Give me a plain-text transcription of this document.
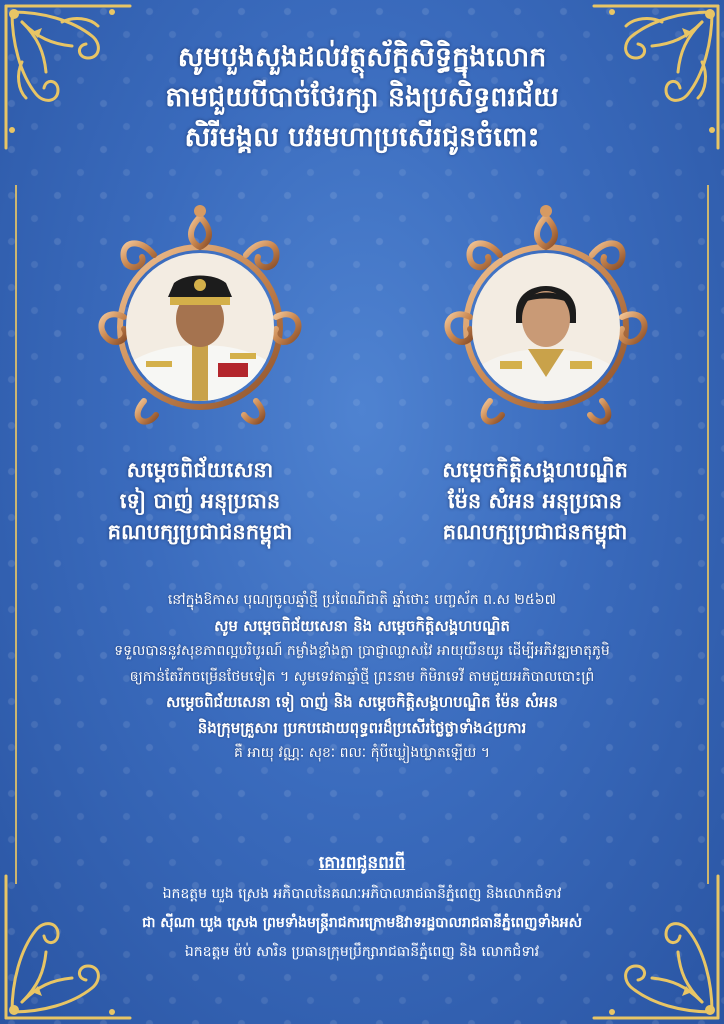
សូមបួងសួងដល់វត្ថុស័ក្តិសិទ្ធិក្នុងលោក
តាមជួយបីបាច់ថែរក្សា និងប្រសិទ្ធពរជ័យ
សិរីមង្គល បវរមហាប្រសើរជូនចំពោះ
សម្តេចពិជ័យសេនា
ទៀ បាញ់ អនុប្រធាន
គណបក្សប្រជាជនកម្ពុជា
សម្តេចកិត្តិសង្គហបណ្ឌិត
ម៉ែន សំអន អនុប្រធាន
គណបក្សប្រជាជនកម្ពុជា
នៅក្នុងឱកាស បុណ្យចូលឆ្នាំថ្មី ប្រពៃណីជាតិ ឆ្នាំថោះ បញ្ចស័ក ព.ស ២៥៦៧
សូម សម្តេចពិជ័យសេនា និង សម្តេចកិត្តិសង្គហបណ្ឌិត
ទទួលបាននូវសុខភាពល្អបរិបូរណ៍ កម្លាំងខ្លាំងក្លា ប្រាជ្ញាឈ្លាសវៃ អាយុយឺនយូរ ដើម្បីអភិវឌ្ឍមាតុភូមិ
ឲ្យកាន់តែរីកចម្រើនថែមទៀត ។ សូមទេវតាឆ្នាំថ្មី ព្រះនាម កិមិរាទេវី តាមជួយអភិបាលបោះព្រំ
សម្តេចពិជ័យសេនា ទៀ បាញ់ និង សម្តេចកិត្តិសង្គហបណ្ឌិត ម៉ែន សំអន
និងក្រុមគ្រួសារ ប្រកបដោយពុទ្ធពរដ៏ប្រសើរថ្លៃថ្លាទាំង៤ប្រការ
គឺ អាយុ វណ្ណៈ សុខៈ ពលៈ កុំបីឃ្លៀងឃ្លាតឡើយ ។
គោរពជូនពរពី
ឯកឧត្តម ឃួង ស្រេង អភិបាលនៃគណៈអភិបាលរាជធានីភ្នំពេញ និងលោកជំទាវ
ជា ស៊ីណា ឃួង ស្រេង ព្រមទាំងមន្ត្រីរាជការក្រោមឱវាទរដ្ឋបាលរាជធានីភ្នំពេញទាំងអស់
ឯកឧត្តម ម៉ប់ សារិន ប្រធានក្រុមប្រឹក្សារាជធានីភ្នំពេញ និង លោកជំទាវ
